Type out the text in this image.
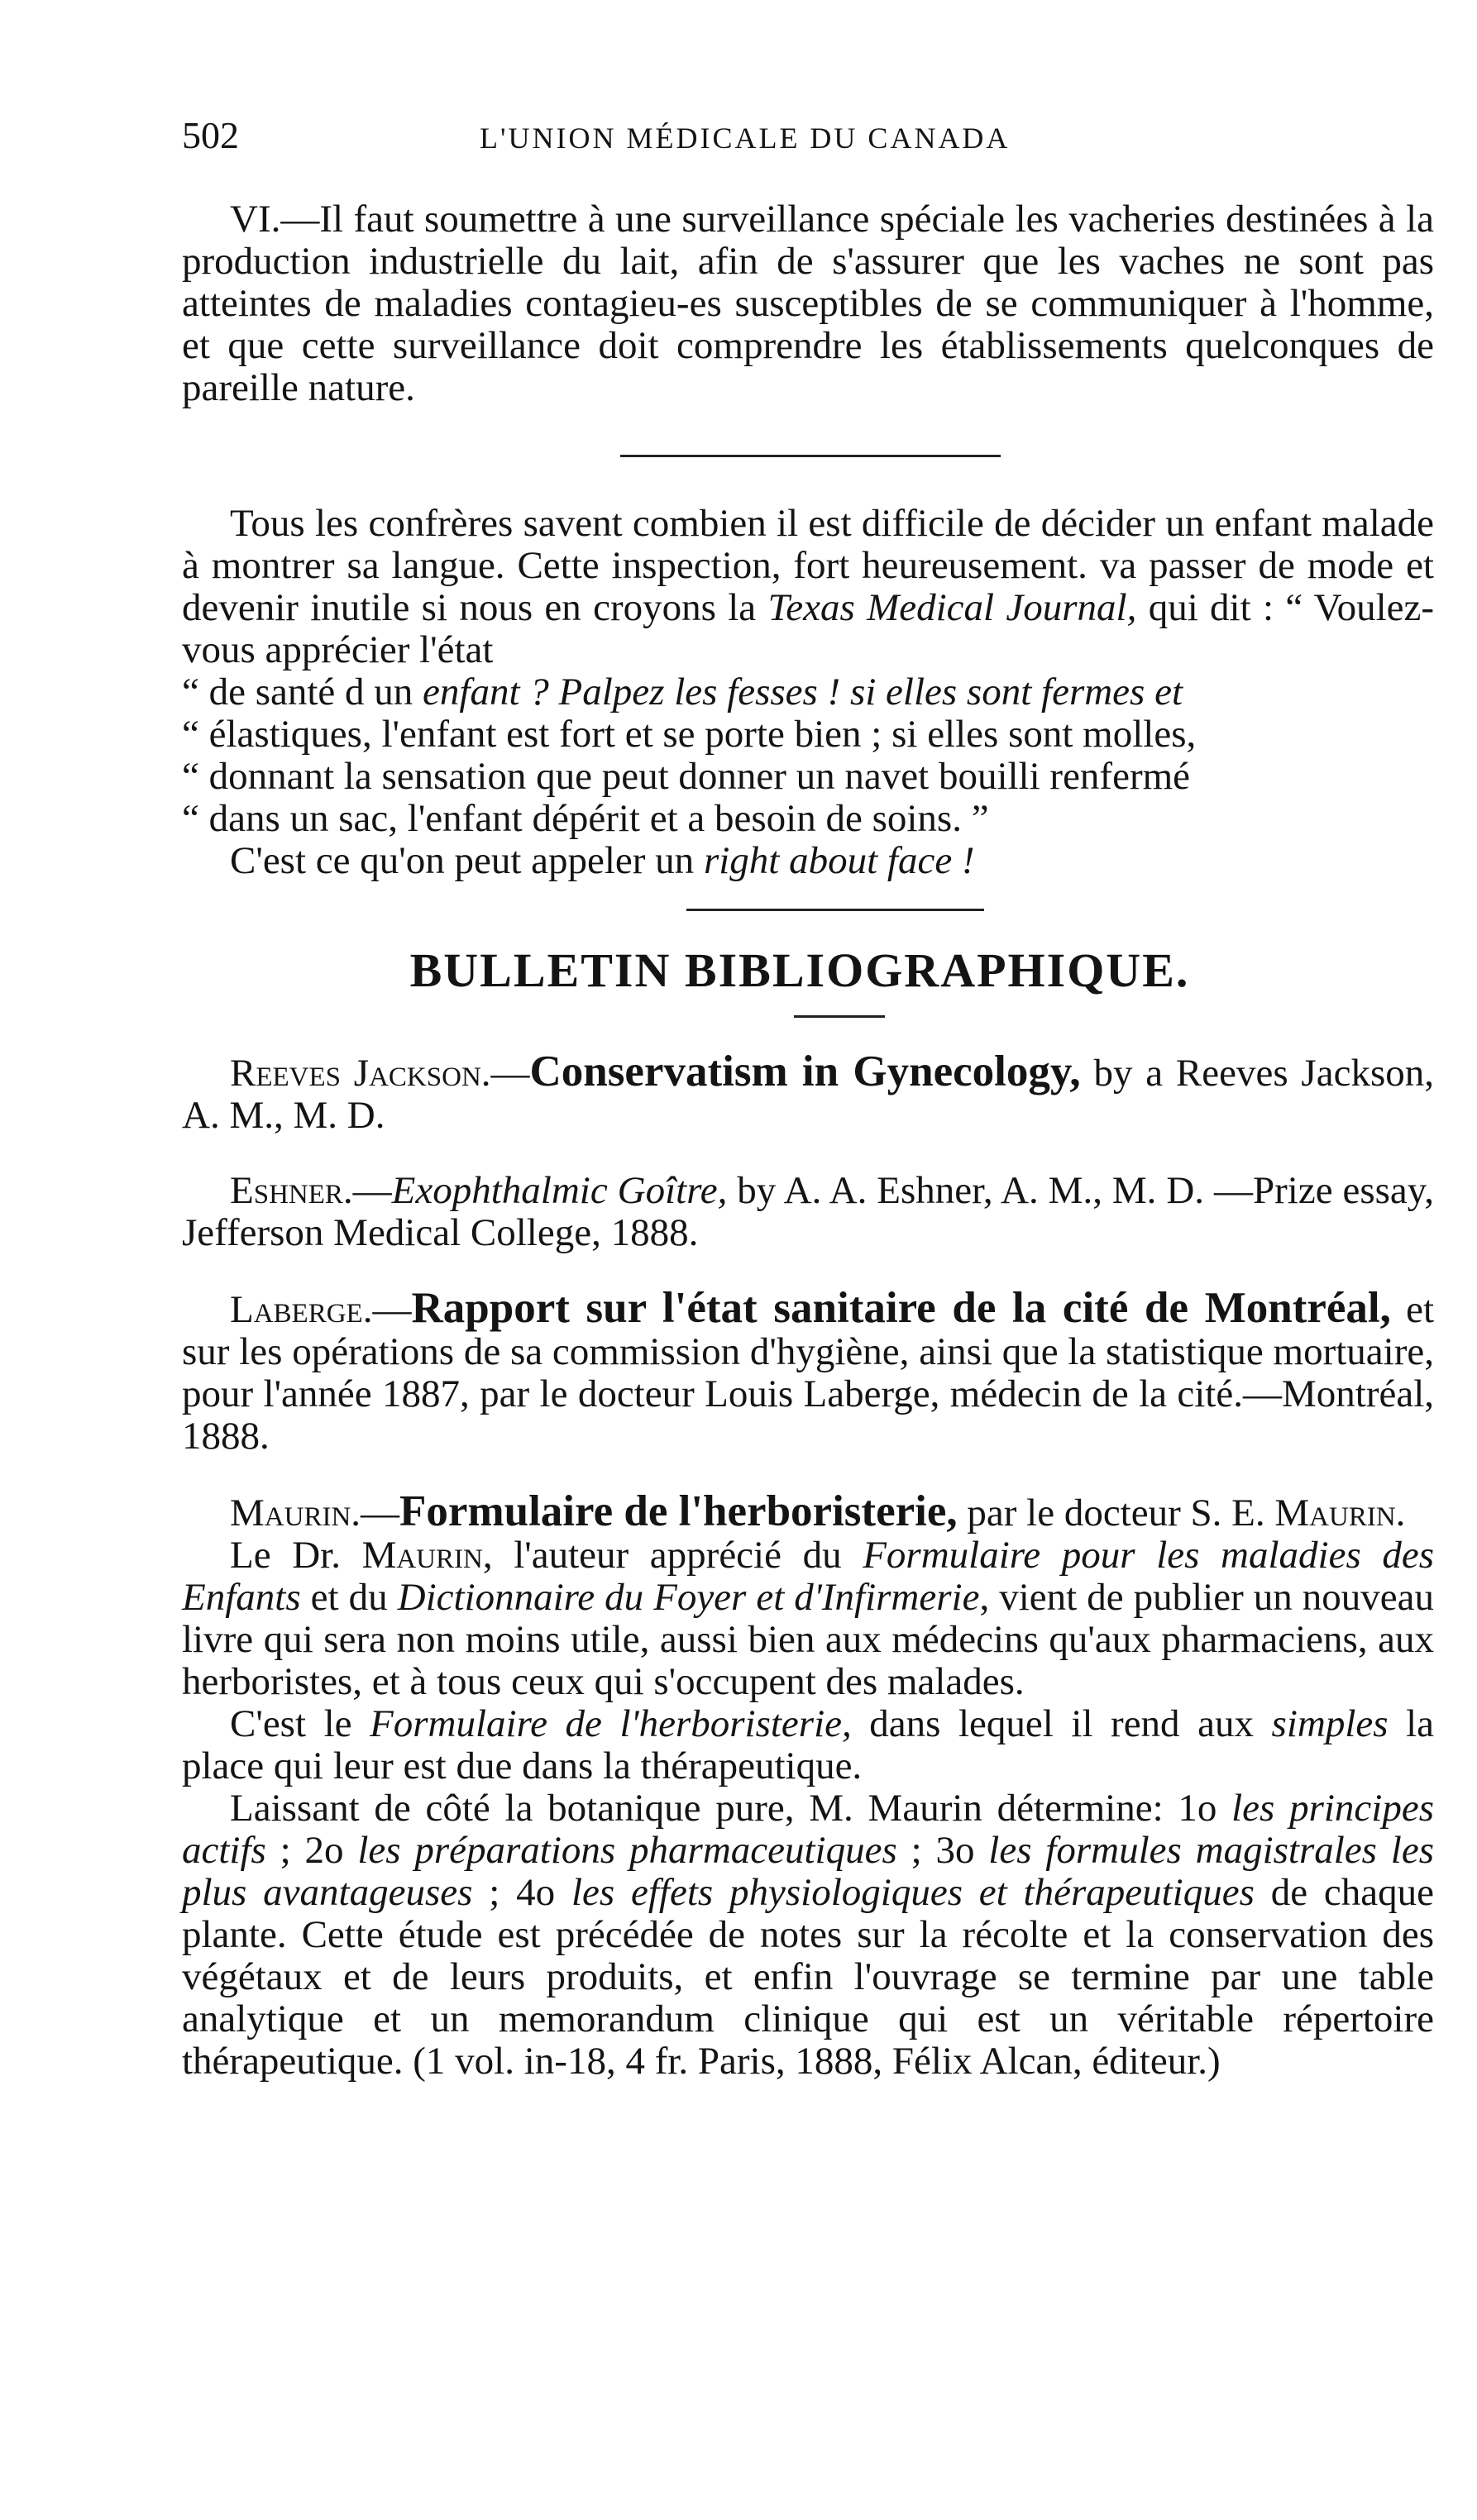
502	L'UNION MÉDICALE DU CANADA

VI.—Il faut soumettre à une surveillance spéciale les vacheries destinées à la production industrielle du lait, afin de s'assurer que les vaches ne sont pas atteintes de maladies contagieu-es susceptibles de se communiquer à l'homme, et que cette surveillance doit comprendre les établissements quelconques de pareille nature.

Tous les confrères savent combien il est difficile de décider un enfant malade à montrer sa langue. Cette inspection, fort heureusement. va passer de mode et devenir inutile si nous en croyons la Texas Medical Journal, qui dit : “ Voulez-vous apprécier l'état

“ de santé d un enfant ? Palpez les fesses ! si elles sont fermes et

“ élastiques, l'enfant est fort et se porte bien ; si elles sont molles,

“ donnant la sensation que peut donner un navet bouilli renfermé

“ dans un sac, l'enfant dépérit et a besoin de soins. ”

C'est ce qu'on peut appeler un right about face !

BULLETIN BIBLIOGRAPHIQUE.

Reeves Jackson.—Conservatism in Gynecology, by a Reeves Jackson, A. M., M. D.

Eshner.—Exophthalmic Goître, by A. A. Eshner, A. M., M. D. —Prize essay, Jefferson Medical College, 1888.

Laberge.—Rapport sur l'état sanitaire de la cité de Montréal, et sur les opérations de sa commission d'hygiène, ainsi que la statistique mortuaire, pour l'année 1887, par le docteur Louis Laberge, médecin de la cité.—Montréal, 1888.

Maurin.—Formulaire de l'herboristerie, par le docteur S. E. Maurin.

Le Dr. Maurin, l'auteur apprécié du Formulaire pour les maladies des Enfants et du Dictionnaire du Foyer et d'Infirmerie, vient de publier un nouveau livre qui sera non moins utile, aussi bien aux médecins qu'aux pharmaciens, aux herboristes, et à tous ceux qui s'occupent des malades.

C'est le Formulaire de l'herboristerie, dans lequel il rend aux simples la place qui leur est due dans la thérapeutique.

Laissant de côté la botanique pure, M. Maurin détermine: 1o les principes actifs ; 2o les préparations pharmaceutiques ; 3o les formules magistrales les plus avantageuses ; 4o les effets physiologiques et thérapeutiques de chaque plante. Cette étude est précédée de notes sur la récolte et la conservation des végétaux et de leurs produits, et enfin l'ouvrage se termine par une table analytique et un memorandum clinique qui est un véritable répertoire thérapeutique. (1 vol. in-18, 4 fr. Paris, 1888, Félix Alcan, éditeur.)
